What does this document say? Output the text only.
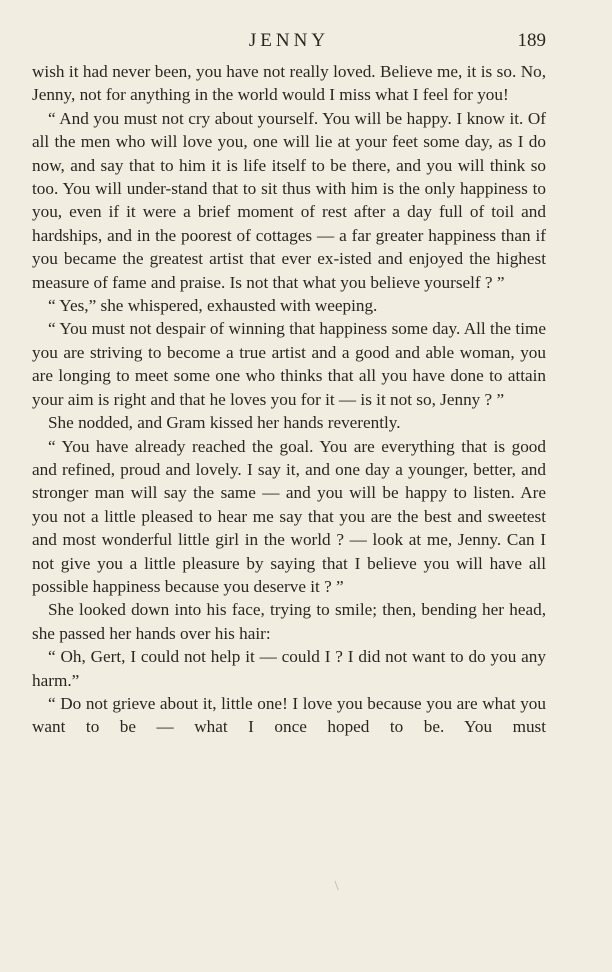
JENNY	189

wish it had never been, you have not really loved. Believe me, it is so. No, Jenny, not for anything in the world would I miss what I feel for you!

“ And you must not cry about yourself. You will be happy. I know it. Of all the men who will love you, one will lie at your feet some day, as I do now, and say that to him it is life itself to be there, and you will think so too. You will under-stand that to sit thus with him is the only happiness to you, even if it were a brief moment of rest after a day full of toil and hardships, and in the poorest of cottages — a far greater happiness than if you became the greatest artist that ever ex-isted and enjoyed the highest measure of fame and praise. Is not that what you believe yourself ? ”

“ Yes,” she whispered, exhausted with weeping.

“ You must not despair of winning that happiness some day. All the time you are striving to become a true artist and a good and able woman, you are longing to meet some one who thinks that all you have done to attain your aim is right and that he loves you for it — is it not so, Jenny ? ”

She nodded, and Gram kissed her hands reverently.

“ You have already reached the goal. You are everything that is good and refined, proud and lovely. I say it, and one day a younger, better, and stronger man will say the same — and you will be happy to listen. Are you not a little pleased to hear me say that you are the best and sweetest and most wonderful little girl in the world ? — look at me, Jenny. Can I not give you a little pleasure by saying that I believe you will have all possible happiness because you deserve it ? ”

She looked down into his face, trying to smile; then, bending her head, she passed her hands over his hair:

“ Oh, Gert, I could not help it — could I ? I did not want to do you any harm.”

“ Do not grieve about it, little one! I love you because you are what you want to be — what I once hoped to be. You must
